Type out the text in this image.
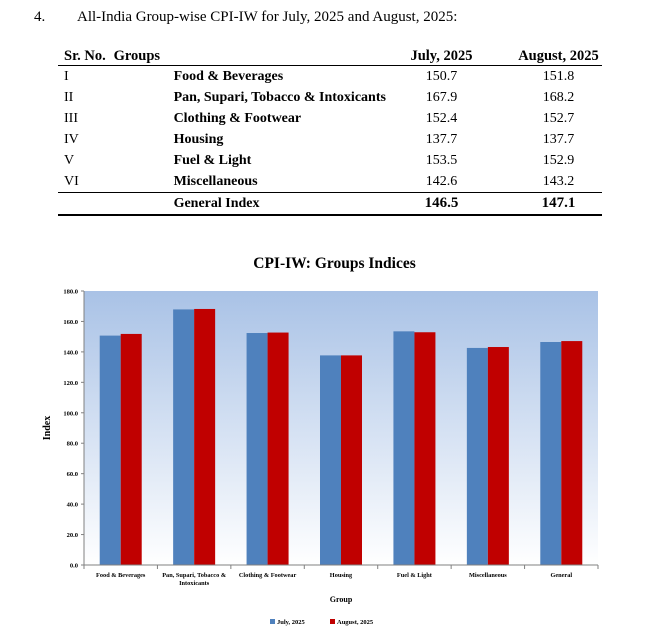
4. All-India Group-wise CPI-IW for July, 2025 and August, 2025:
Sr. No.	Groups	July, 2025		August, 2025
I	Food & Beverages	150.7		151.8
II	Pan, Supari, Tobacco & Intoxicants	167.9		168.2
III	Clothing & Footwear	152.4		152.7
IV	Housing	137.7		137.7
V	Fuel & Light	153.5		152.9
VI	Miscellaneous	142.6		143.2
	General Index	146.5		147.1
CPI-IW: Groups Indices
0.0
20.0
40.0
60.0
80.0
100.0
120.0
140.0
160.0
180.0
Food & Beverages	Pan, Supari, Tobacco &
Intoxicants
Clothing & Footwear	Housing	Fuel & Light	Miscellaneous	General
Index
Group
July, 2025	August, 2025
